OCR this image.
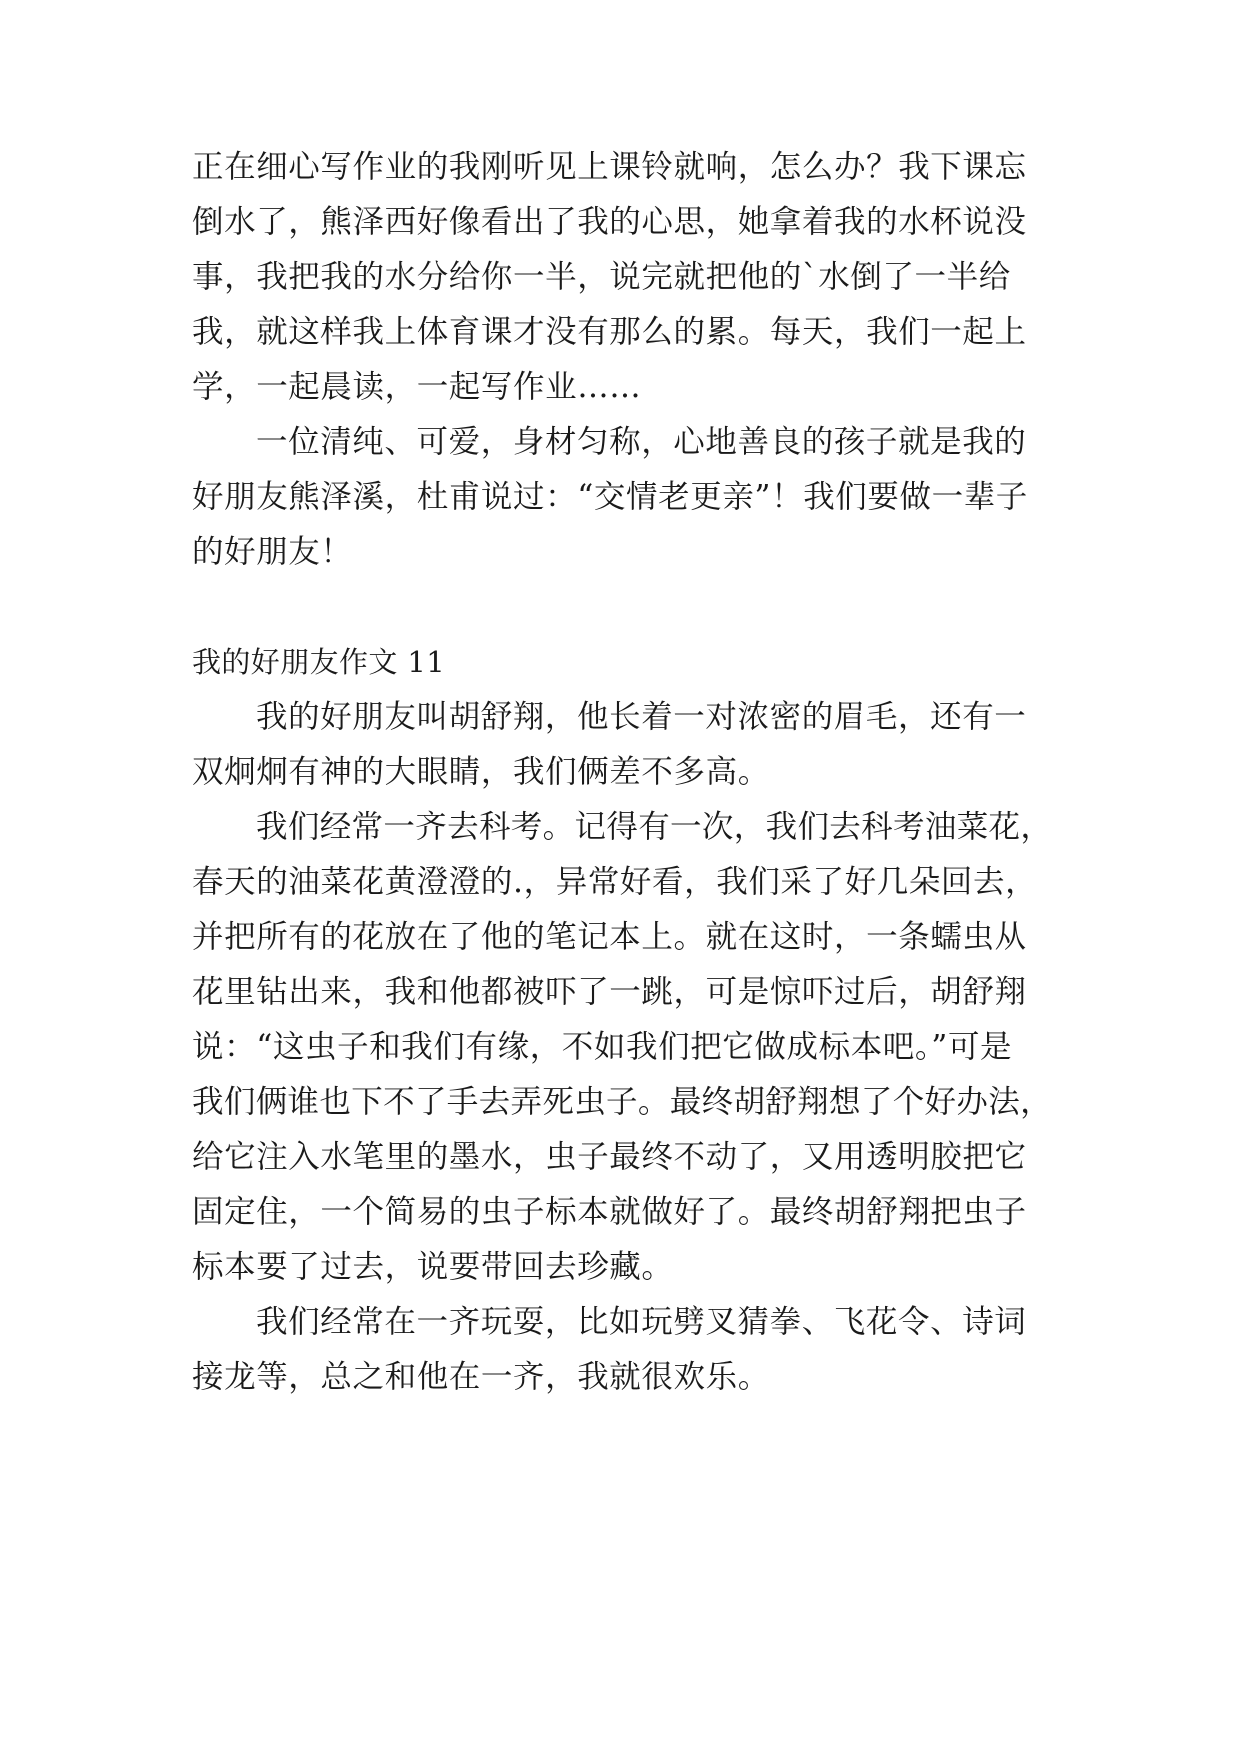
正在细心写作业的我刚听见上课铃就响，怎么办？我下课忘
倒水了，熊泽西好像看出了我的心思，她拿着我的水杯说没
事，我把我的水分给你一半，说完就把他的`水倒了一半给
我，就这样我上体育课才没有那么的累。每天，我们一起上
学，一起晨读，一起写作业……
一位清纯、可爱，身材匀称，心地善良的孩子就是我的
好朋友熊泽溪，杜甫说过：“交情老更亲”！我们要做一辈子
的好朋友！
我的好朋友作文 11
我的好朋友叫胡舒翔，他长着一对浓密的眉毛，还有一
双炯炯有神的大眼睛，我们俩差不多高。
我们经常一齐去科考。记得有一次，我们去科考油菜花，
春天的油菜花黄澄澄的.，异常好看，我们采了好几朵回去，
并把所有的花放在了他的笔记本上。就在这时，一条蠕虫从
花里钻出来，我和他都被吓了一跳，可是惊吓过后，胡舒翔
说：“这虫子和我们有缘，不如我们把它做成标本吧。”可是
我们俩谁也下不了手去弄死虫子。最终胡舒翔想了个好办法，
给它注入水笔里的墨水，虫子最终不动了，又用透明胶把它
固定住，一个简易的虫子标本就做好了。最终胡舒翔把虫子
标本要了过去，说要带回去珍藏。
我们经常在一齐玩耍，比如玩劈叉猜拳、飞花令、诗词
接龙等，总之和他在一齐，我就很欢乐。
